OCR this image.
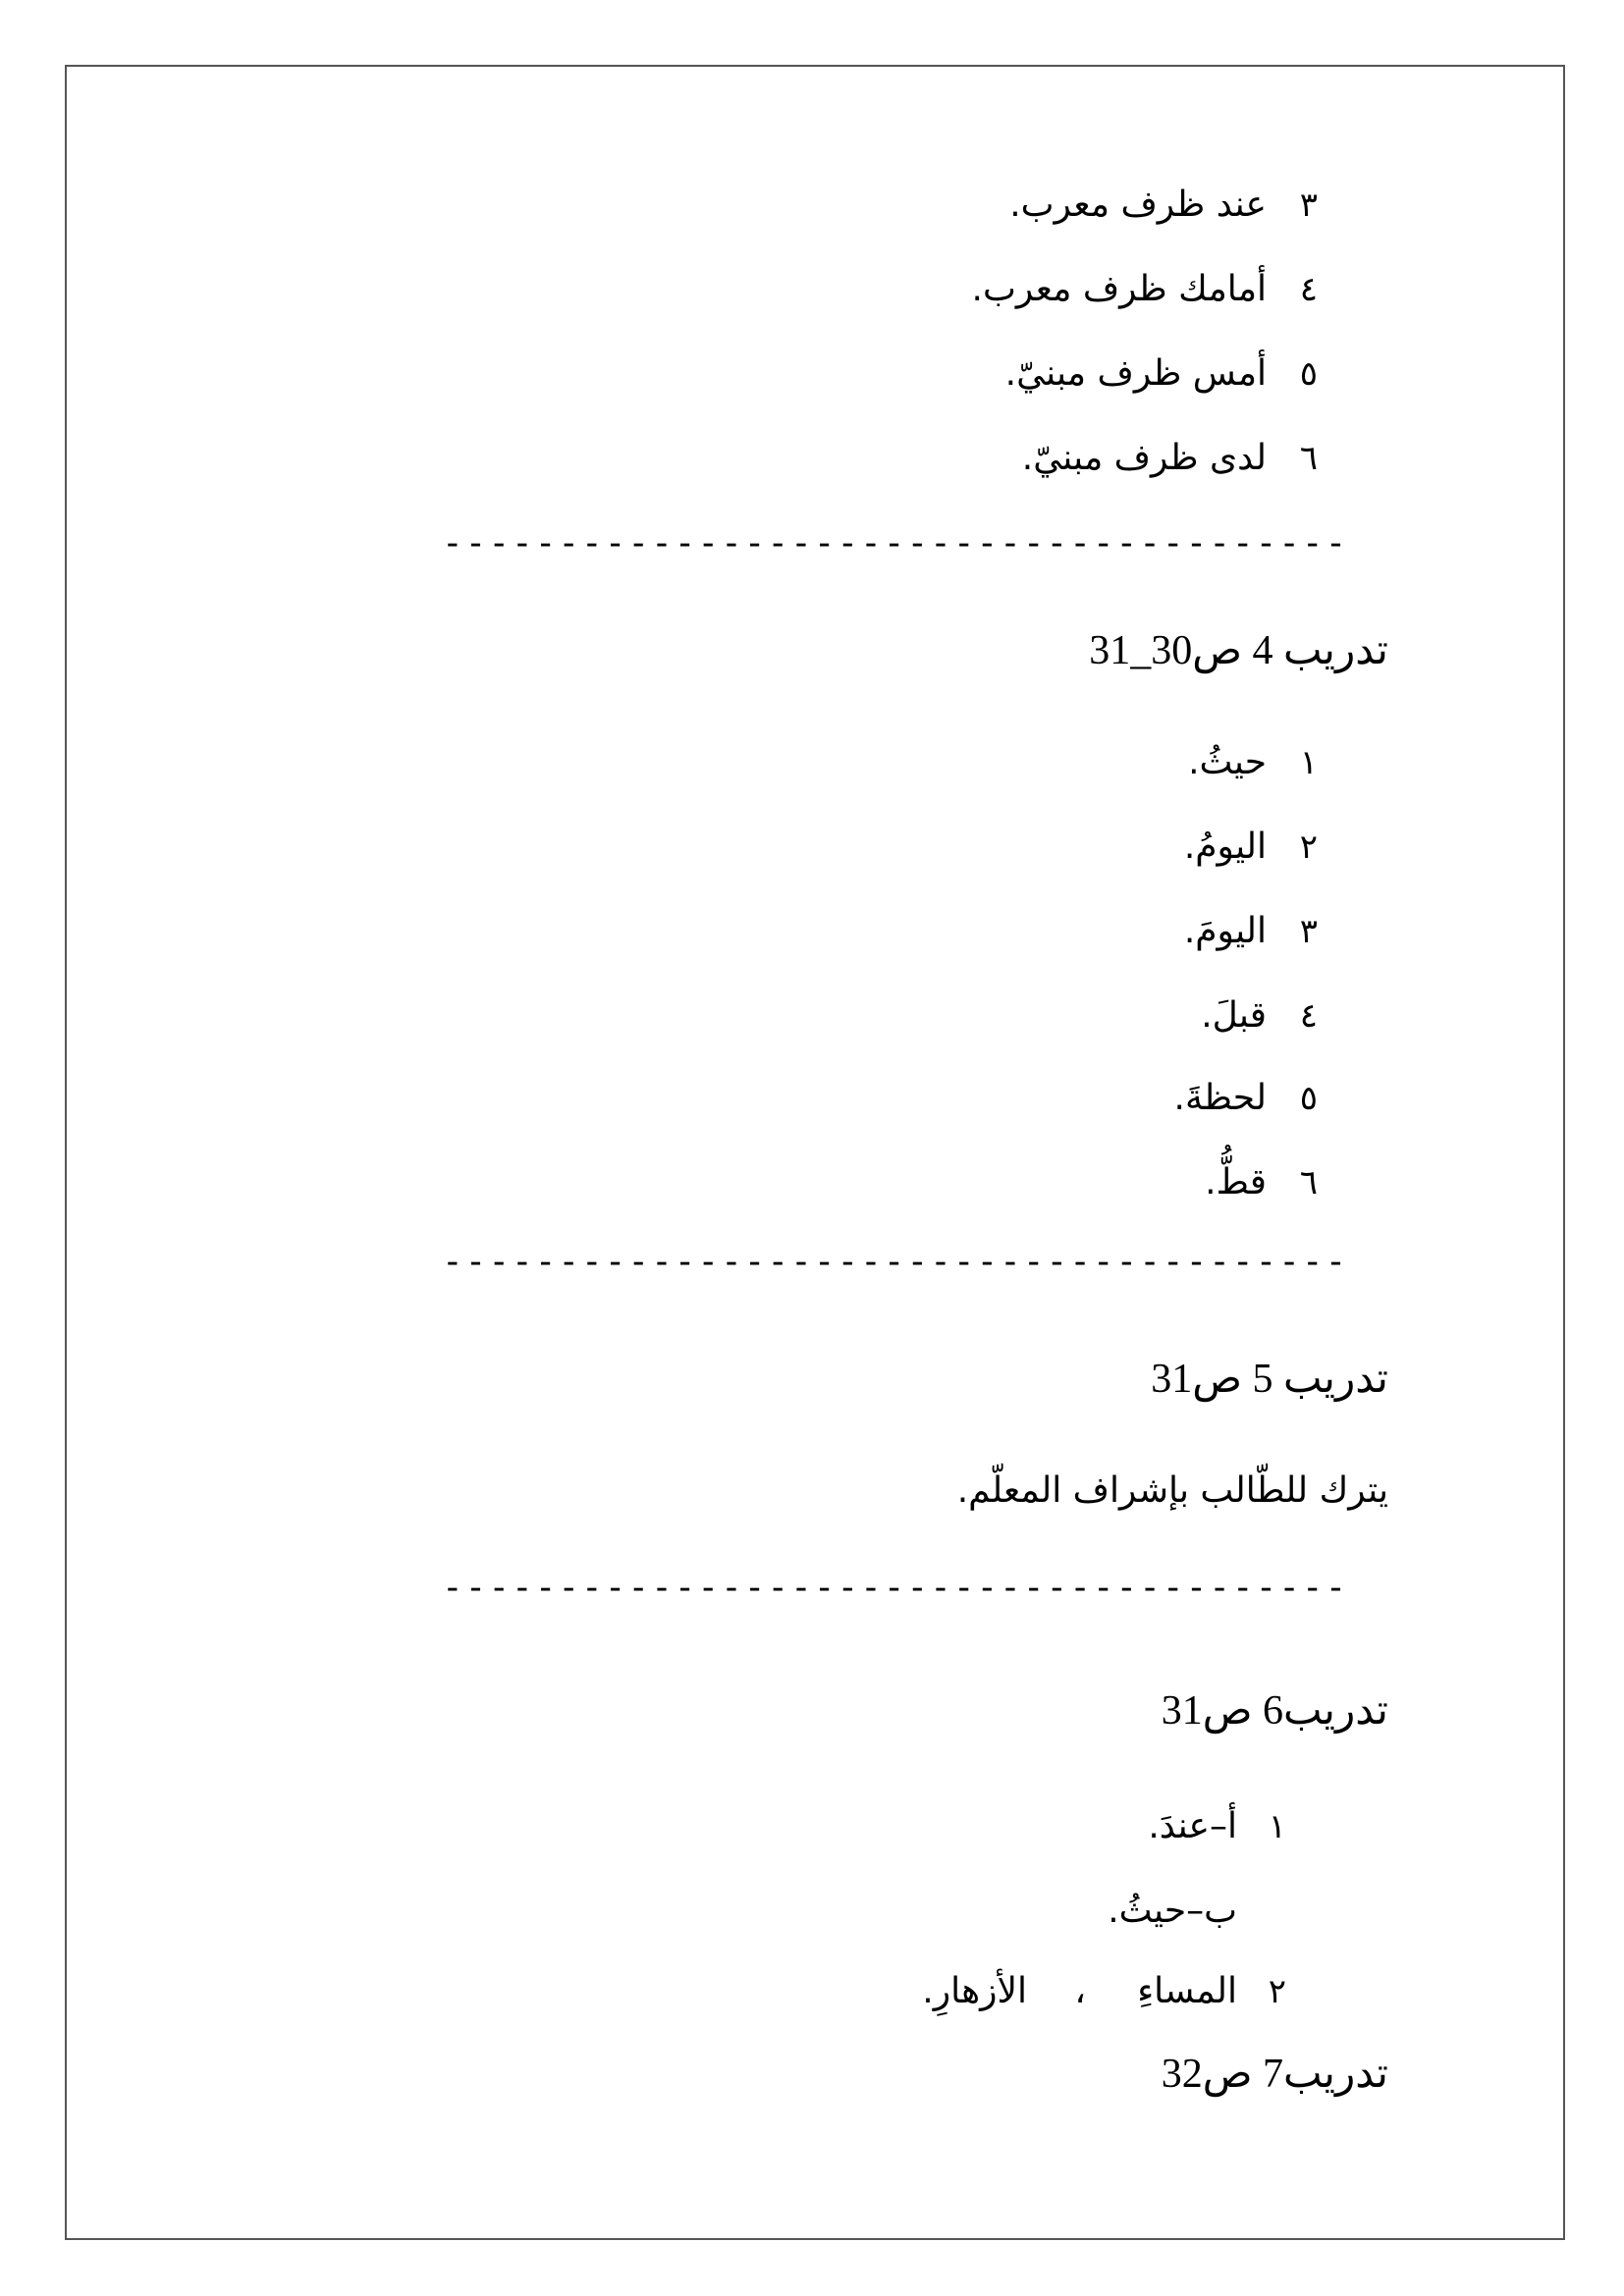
٣
عند ظرف معرب.
٤
أمامك ظرف معرب.
٥
أمس ظرف مبنيّ.
٦
لدى ظرف مبنيّ.
---------------------------------------
تدريب 4 ص30_31
١
حيثُ.
٢
اليومُ.
٣
اليومَ.
٤
قبلَ.
٥
لحظةَ.
٦
قطُّ.
---------------------------------------
تدريب 5 ص31
يترك للطّالب بإشراف المعلّم.
---------------------------------------
تدريب6 ص31
١
أ–عندَ.
ب–حيثُ.
٢
المساءِ
،
الأزهارِ.
تدريب7 ص32
